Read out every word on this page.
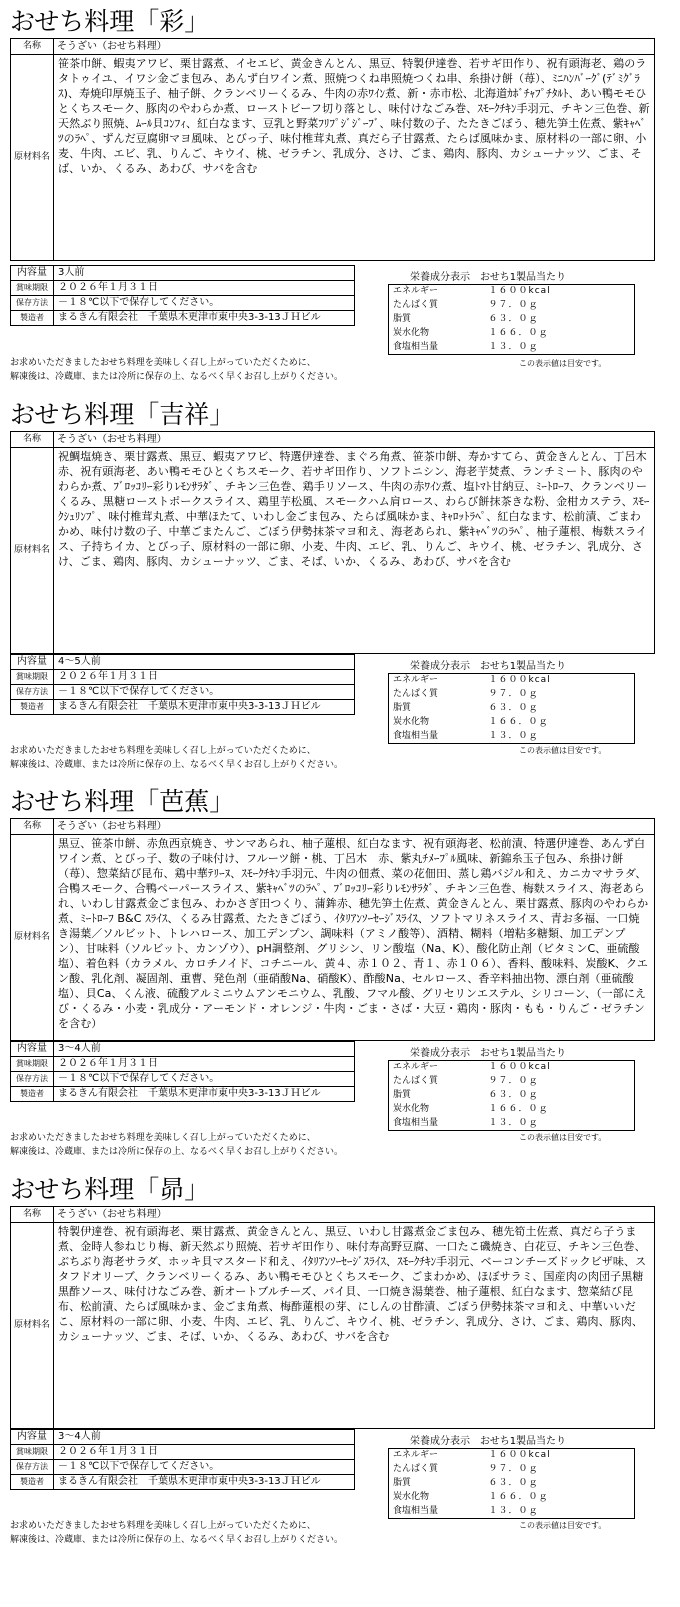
おせち料理「彩」
名称	そうざい（おせち料理）
原材料名	笹茶巾餅、蝦夷アワビ、栗甘露煮、イセエビ、黄金きんとん、黒豆、特製伊達巻、若サギ田作り、祝有頭海老、鶏のラタトゥイユ、イワシ金ごま包み、あんず白ワイン煮、照焼つくね串照焼つくね串、糸掛け餅（苺）、ﾐﾆﾊﾝﾊﾞｰｸﾞ(ﾃﾞﾐｸﾞﾗｽ)、寿焼印厚焼玉子、柚子餅、クランベリーくるみ、牛肉の赤ﾜｲﾝ煮、新・赤市松、北海道ｶﾎﾞﾁｬﾌﾟﾁﾀﾙﾄ、あい鴨モモひとくちスモーク、豚肉のやわらか煮、ローストビーフ切り落とし、味付けなごみ巻、ｽﾓｰｸﾁｷﾝ手羽元、チキン三色巻、新天然ぶり照焼、ﾑｰﾙ貝ｺﾝﾌｨ、紅白なます、豆乳と野菜ﾌﾘﾌﾟｼﾞｼﾞｰﾌﾞ、味付数の子、たたきごぼう、穂先笋土佐煮、紫ｷｬﾍﾞﾂのﾗﾍﾟ、ずんだ豆腐卵マヨ風味、とびっ子、味付椎茸丸煮、真だら子甘露煮、たらば風味かま、原材料の一部に卵、小麦、牛肉、エビ、乳、りんご、キウイ、桃、ゼラチン、乳成分、さけ、ごま、鶏肉、豚肉、カシューナッツ、ごま、そば、いか、くるみ、あわび、サバを含む
内容量	3人前
賞味期限	２０２６年１月３１日
保存方法	－１８℃以下で保存してください。
製造者	まるきん有限会社　千葉県木更津市東中央3-3-13ＪＨビル
栄養成分表示　おせち1製品当たり
エネルギー	１６００kcal
たんぱく質	９７．０ｇ
脂質	６３．０ｇ
炭水化物	１６６．０ｇ
食塩相当量	１３．０ｇ
この表示値は目安です。
お求めいただきましたおせち料理を美味しく召し上がっていただくために、
解凍後は、冷蔵庫、または冷所に保存の上、なるべく早くお召し上がりください。
おせち料理「吉祥」
名称	そうざい（おせち料理）
原材料名	祝鯛塩焼き、栗甘露煮、黒豆、蝦夷アワビ、特選伊達巻、まぐろ角煮、笹茶巾餅、寿かすてら、黄金きんとん、丁呂木　赤、祝有頭海老、あい鴨モモひとくちスモーク、若サギ田作り、ソフトニシン、海老芋焚煮、ランチミート、豚肉のやわらか煮、ﾌﾞﾛｯｺﾘｰ彩りﾚﾓﾝｻﾗﾀﾞ、チキン三色巻、鶏手リソース、牛肉の赤ﾜｲﾝ煮、塩ﾄﾏﾄ甘納豆、ﾐｰﾄﾛｰﾌ、クランベリーくるみ、黒糖ローストポークスライス、鶏里芋松風、スモークハム肩ロース、わらび餅抹茶きな粉、金柑カステラ、ｽﾓｰｸｼｭﾘﾝﾌﾟ、味付椎茸丸煮、中華ほたて、いわし金ごま包み、たらば風味かま、ｷｬﾛｯﾄﾗﾍﾟ、紅白なます、松前漬、ごまわかめ、味付け数の子、中華ごまたんご、ごぼう伊勢抹茶マヨ和え、海老あられ、紫ｷｬﾍﾞﾂのﾗﾍﾟ、柚子蓮根、梅麩スライス、子持ちイカ、とびっ子、原材料の一部に卵、小麦、牛肉、エビ、乳、りんご、キウイ、桃、ゼラチン、乳成分、さけ、ごま、鶏肉、豚肉、カシューナッツ、ごま、そば、いか、くるみ、あわび、サバを含む
内容量	4～5人前
賞味期限	２０２６年１月３１日
保存方法	－１８℃以下で保存してください。
製造者	まるきん有限会社　千葉県木更津市東中央3-3-13ＪＨビル
栄養成分表示　おせち1製品当たり
エネルギー	１６００kcal
たんぱく質	９７．０ｇ
脂質	６３．０ｇ
炭水化物	１６６．０ｇ
食塩相当量	１３．０ｇ
この表示値は目安です。
お求めいただきましたおせち料理を美味しく召し上がっていただくために、
解凍後は、冷蔵庫、または冷所に保存の上、なるべく早くお召し上がりください。
おせち料理「芭蕉」
名称	そうざい（おせち料理）
原材料名	黒豆、笹茶巾餅、赤魚西京焼き、サンマあられ、柚子蓮根、紅白なます、祝有頭海老、松前漬、特選伊達巻、あんず白ワイン煮、とびっ子、数の子味付け、フルーツ餅・桃、丁呂木　赤、紫丸ﾁﾒｰﾌﾟﾙ風味、新錦糸玉子包み、糸掛け餅（苺）、惣菜結び昆布、鶏中華ﾃﾘｰﾇ、ｽﾓｰｸﾁｷﾝ手羽元、牛肉の佃煮、菜の花佃田、蒸し鶏バジル和え、カニカマサラダ、合鴨スモーク、合鴨ペーパースライス、紫ｷｬﾍﾞﾂのﾗﾍﾟ、ﾌﾞﾛｯｺﾘｰ彩りﾚﾓﾝｻﾗﾀﾞ、チキン三色巻、梅麩スライス、海老あられ、いわし甘露煮金ごま包み、わかさぎ田つくり、蒲鉾赤、穂先笋土佐煮、黄金きんとん、栗甘露煮、豚肉のやわらか煮、ﾐｰﾄﾛｰﾌ B&C ｽﾗｲｽ、くるみ甘露煮、たたきごぼう、ｲﾀﾘｱﾝｿｰｾｰｼﾞｽﾗｲｽ、ソフトマリネスライス、青お多福、一口焼き湯葉／ソルビット、トレハロース、加工デンプン、調味料（アミノ酸等）、酒精、糊料（増粘多糖類、加工デンプン）、甘味料（ソルビット、カンゾウ）、pH調整剤、グリシン、リン酸塩（Na、K）、酸化防止剤（ビタミンC、亜硫酸塩）、着色料（カラメル、カロチノイド、コチニール、黄４、赤１０２、青１、赤１０６）、香料、酸味料、炭酸K、クエン酸、乳化剤、凝固剤、重曹、発色剤（亜硝酸Na、硝酸K）、酢酸Na、セルロース、香辛料抽出物、漂白剤（亜硫酸塩）、貝Ca、くん液、硫酸アルミニウムアンモニウム、乳酸、フマル酸、グリセリンエステル、シリコーン、（一部にえび・くるみ・小麦・乳成分・アーモンド・オレンジ・牛肉・ごま・さば・大豆・鶏肉・豚肉・もも・りんご・ゼラチンを含む）
内容量	3～4人前
賞味期限	２０２６年１月３１日
保存方法	－１８℃以下で保存してください。
製造者	まるきん有限会社　千葉県木更津市東中央3-3-13ＪＨビル
栄養成分表示　おせち1製品当たり
エネルギー	１６００kcal
たんぱく質	９７．０ｇ
脂質	６３．０ｇ
炭水化物	１６６．０ｇ
食塩相当量	１３．０ｇ
この表示値は目安です。
お求めいただきましたおせち料理を美味しく召し上がっていただくために、
解凍後は、冷蔵庫、または冷所に保存の上、なるべく早くお召し上がりください。
おせち料理「昴」
名称	そうざい（おせち料理）
原材料名	特製伊達巻、祝有頭海老、栗甘露煮、黄金きんとん、黒豆、いわし甘露煮金ごま包み、穂先筍土佐煮、真だら子うま煮、金時人参ねじり梅、新天然ぶり照焼、若サギ田作り、味付寿高野豆腐、一口たこ磯焼き、白花豆、チキン三色巻、ぶちぶり海老サラダ、ホッキ貝マスタード和え、ｲﾀﾘｱﾝｿｰｾｰｼﾞｽﾗｲｽ、ｽﾓｰｸﾁｷﾝ手羽元、ベーコンチーズドックビザ味、スタフドオリーブ、クランベリーくるみ、あい鴨モモひとくちスモーク、ごまわかめ、ほぼサラミ、国産肉の肉団子黒糖黒酢ソース、味付けなごみ巻、新オートブルチーズ、パイ貝、一口焼き湯葉巻、柚子蓮根、紅白なます、惣菜結び昆布、松前漬、たらば風味かま、金ごま角煮、梅酢蓮根の芽、にしんの甘酢漬、ごぼう伊勢抹茶マヨ和え、中華いいだこ、原材料の一部に卵、小麦、牛肉、エビ、乳、りんご、キウイ、桃、ゼラチン、乳成分、さけ、ごま、鶏肉、豚肉、カシューナッツ、ごま、そば、いか、くるみ、あわび、サバを含む
内容量	3～4人前
賞味期限	２０２６年１月３１日
保存方法	－１８℃以下で保存してください。
製造者	まるきん有限会社　千葉県木更津市東中央3-3-13ＪＨビル
栄養成分表示　おせち1製品当たり
エネルギー	１６００kcal
たんぱく質	９７．０ｇ
脂質	６３．０ｇ
炭水化物	１６６．０ｇ
食塩相当量	１３．０ｇ
この表示値は目安です。
お求めいただきましたおせち料理を美味しく召し上がっていただくために、
解凍後は、冷蔵庫、または冷所に保存の上、なるべく早くお召し上がりください。
